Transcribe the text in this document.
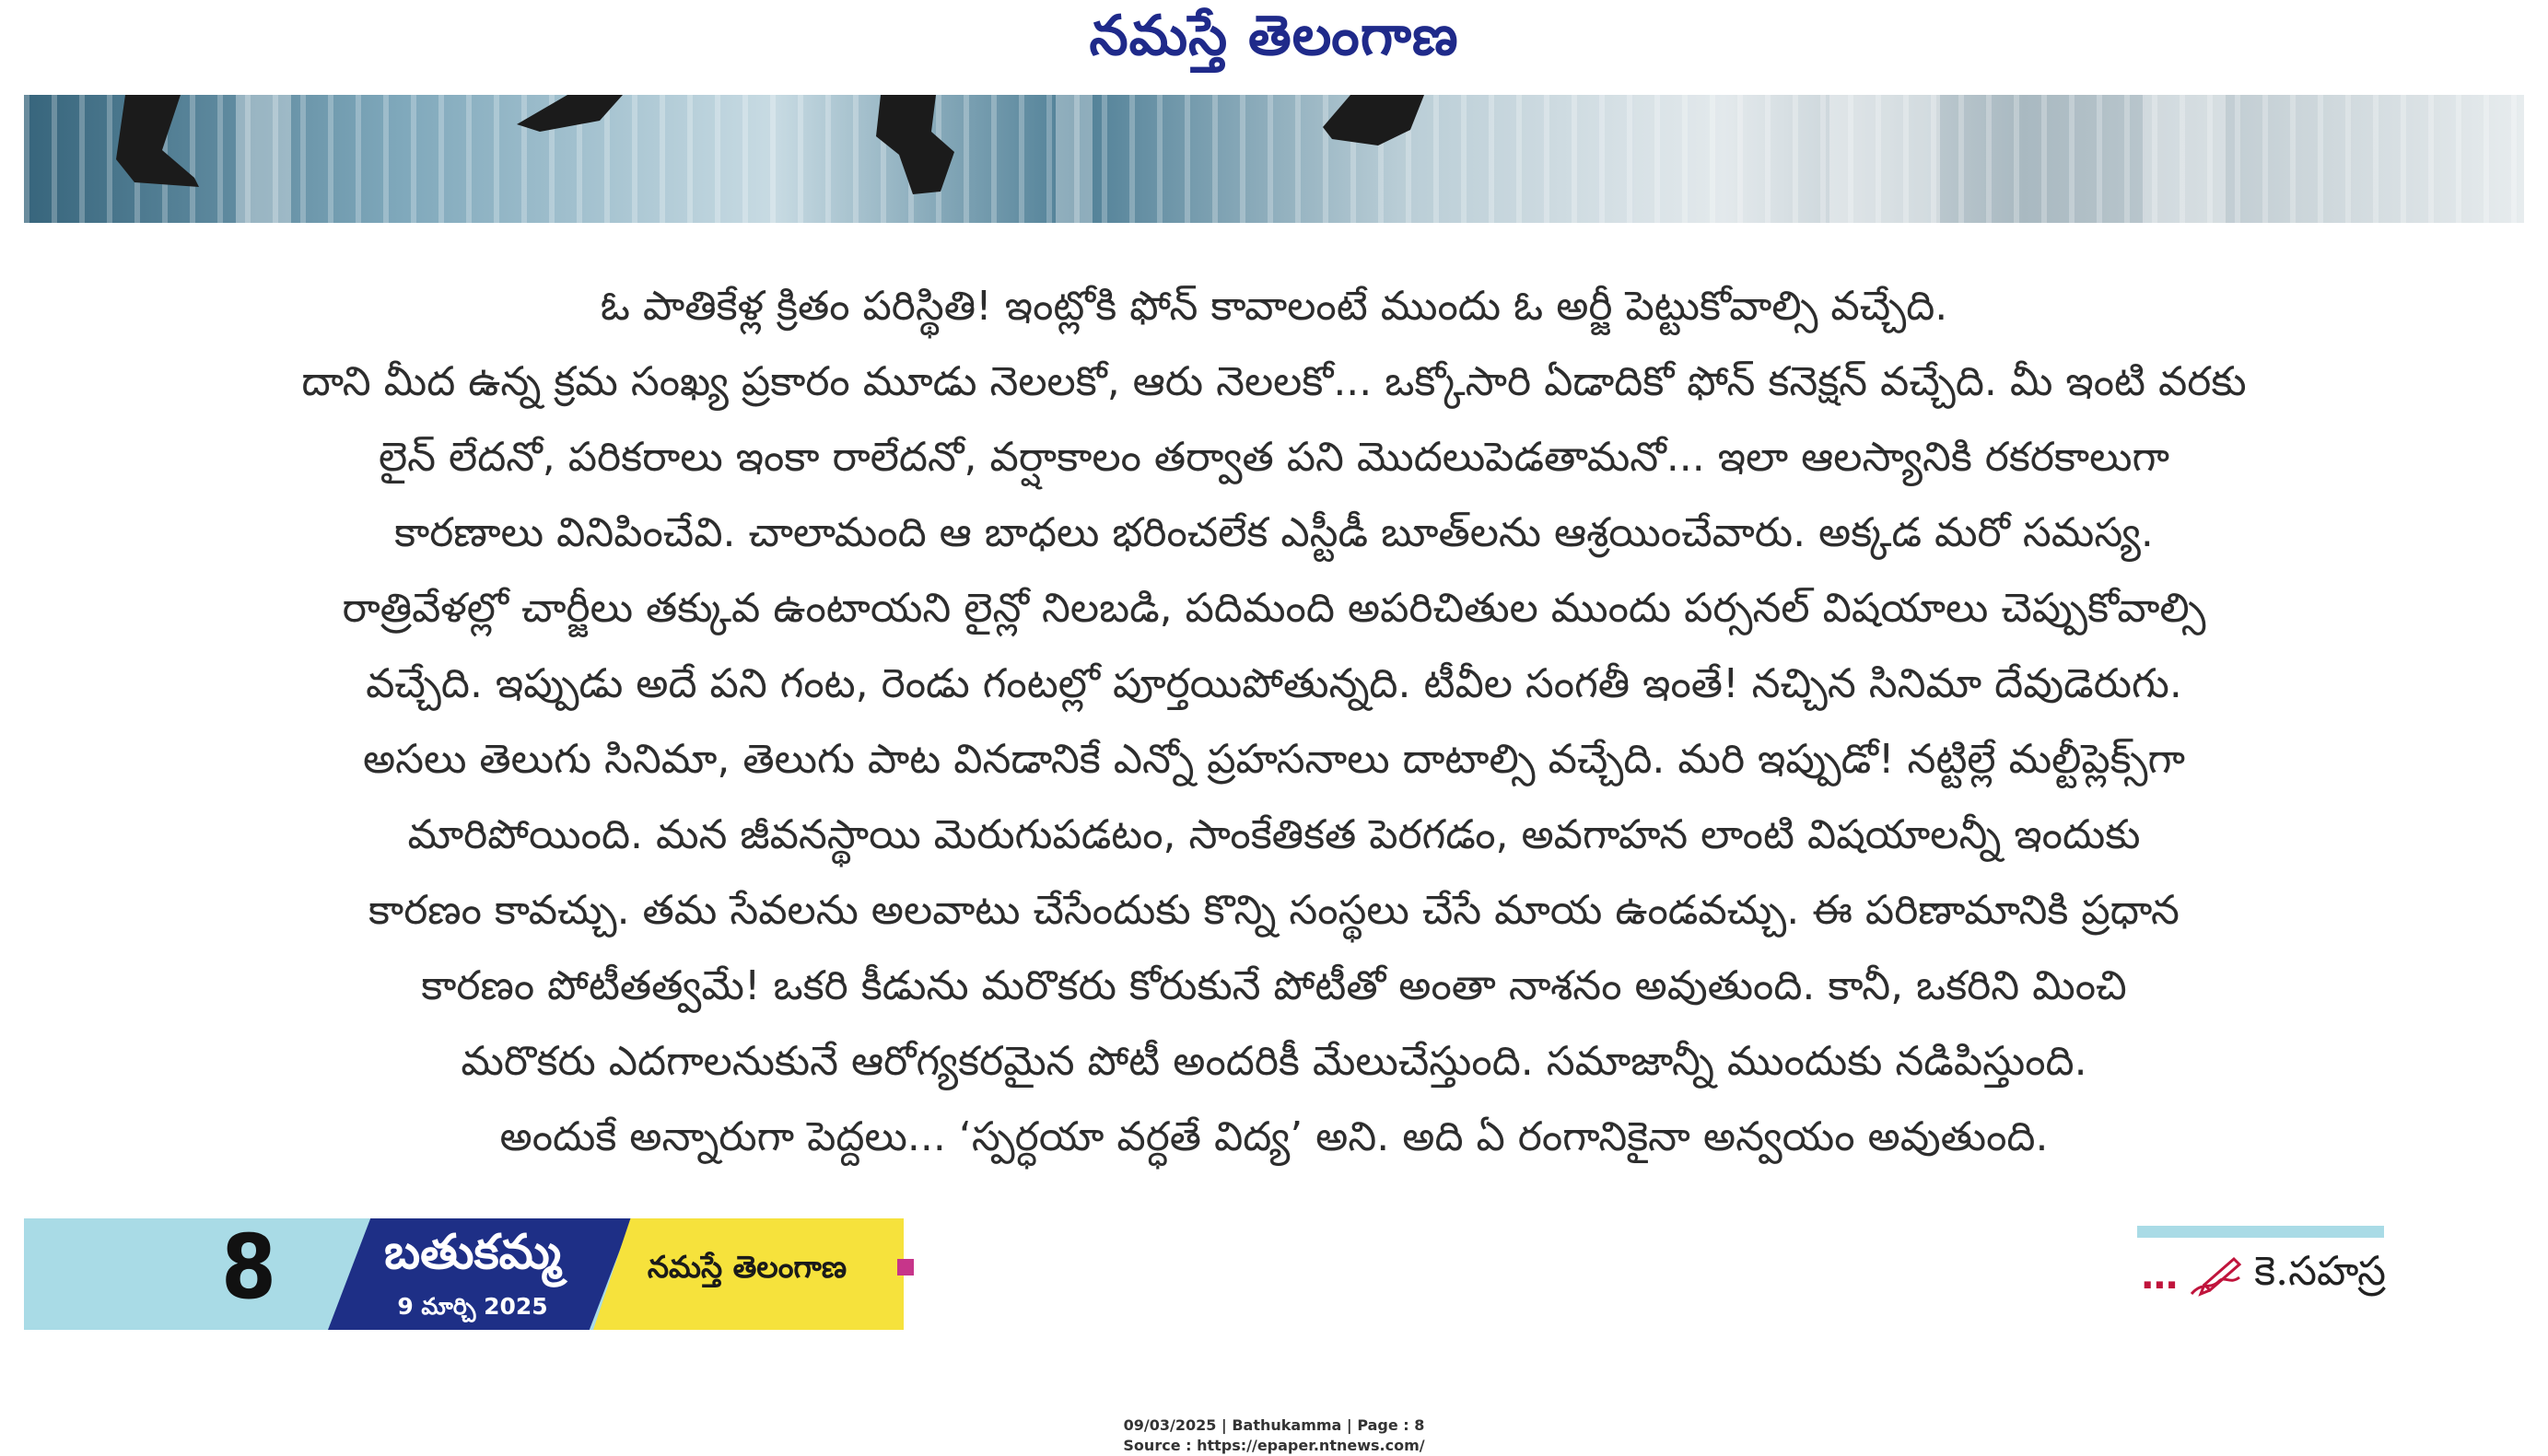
నమస్తే తెలంగాణ

ఓ పాతికేళ్ల క్రితం పరిస్థితి! ఇంట్లోకి ఫోన్ కావాలంటే ముందు ఓ అర్జీ పెట్టుకోవాల్సి వచ్చేది.

దాని మీద ఉన్న క్రమ సంఖ్య ప్రకారం మూడు నెలలకో, ఆరు నెలలకో... ఒక్కోసారి ఏడాదికో ఫోన్ కనెక్షన్ వచ్చేది. మీ ఇంటి వరకు

లైన్ లేదనో, పరికరాలు ఇంకా రాలేదనో, వర్షాకాలం తర్వాత పని మొదలుపెడతామనో... ఇలా ఆలస్యానికి రకరకాలుగా

కారణాలు వినిపించేవి. చాలామంది ఆ బాధలు భరించలేక ఎస్టీడీ బూత్‌లను ఆశ్రయించేవారు. అక్కడ మరో సమస్య.

రాత్రివేళల్లో చార్జీలు తక్కువ ఉంటాయని లైన్లో నిలబడి, పదిమంది అపరిచితుల ముందు పర్సనల్ విషయాలు చెప్పుకోవాల్సి

వచ్చేది. ఇప్పుడు అదే పని గంట, రెండు గంటల్లో పూర్తయిపోతున్నది. టీవీల సంగతీ ఇంతే! నచ్చిన సినిమా దేవుడెరుగు.

అసలు తెలుగు సినిమా, తెలుగు పాట వినడానికే ఎన్నో ప్రహసనాలు దాటాల్సి వచ్చేది. మరి ఇప్పుడో! నట్టిల్లే మల్టీప్లెక్స్‌గా

మారిపోయింది. మన జీవనస్థాయి మెరుగుపడటం, సాంకేతికత పెరగడం, అవగాహన లాంటి విషయాలన్నీ ఇందుకు

కారణం కావచ్చు. తమ సేవలను అలవాటు చేసేందుకు కొన్ని సంస్థలు చేసే మాయ ఉండవచ్చు. ఈ పరిణామానికి ప్రధాన

కారణం పోటీతత్వమే! ఒకరి కీడును మరొకరు కోరుకునే పోటీతో అంతా నాశనం అవుతుంది. కానీ, ఒకరిని మించి

మరొకరు ఎదగాలనుకునే ఆరోగ్యకరమైన పోటీ అందరికీ మేలుచేస్తుంది. సమాజాన్నీ ముందుకు నడిపిస్తుంది.

అందుకే అన్నారుగా పెద్దలు... ‘స్పర్ధయా వర్ధతే విద్య’ అని. అది ఏ రంగానికైనా అన్వయం అవుతుంది.

8	బతుకమ్మ
9 మార్చి 2025
నమస్తే తెలంగాణ	... కె.సహస్ర
09/03/2025 | Bathukamma | Page : 8
Source : https://epaper.ntnews.com/
